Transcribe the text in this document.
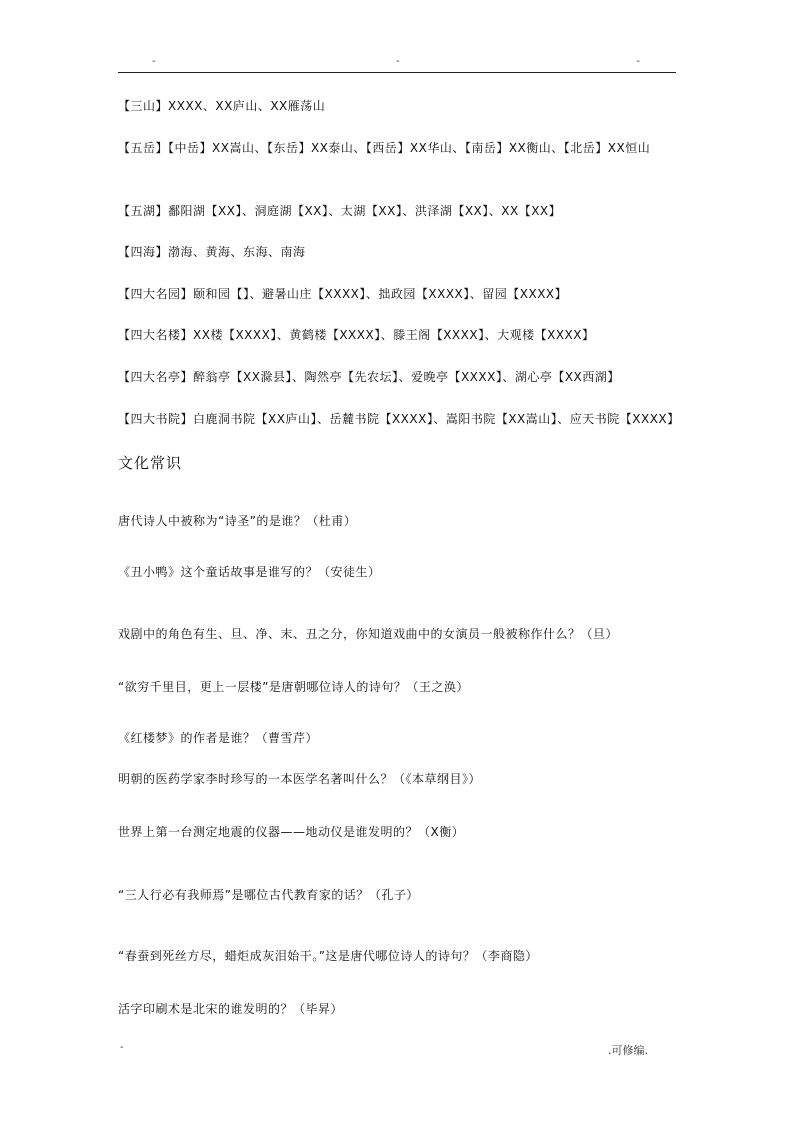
-	-	-
【三山】XXXX、XX庐山、XX雁荡山
【五岳】【中岳】XX嵩山、【东岳】XX泰山、【西岳】XX华山、【南岳】XX衡山、【北岳】XX恒山
【五湖】鄱阳湖【XX】、洞庭湖【XX】、太湖【XX】、洪泽湖【XX】、XX【XX】
【四海】渤海、黄海、东海、南海
【四大名园】颐和园【】、避暑山庄【XXXX】、拙政园【XXXX】、留园【XXXX】
【四大名楼】XX楼【XXXX】、黄鹤楼【XXXX】、滕王阁【XXXX】、大观楼【XXXX】
【四大名亭】醉翁亭【XX滁县】、陶然亭【先农坛】、爱晚亭【XXXX】、湖心亭【XX西湖】
【四大书院】白鹿洞书院【XX庐山】、岳麓书院【XXXX】、嵩阳书院【XX嵩山】、应天书院【XXXX】
文化常识
唐代诗人中被称为“诗圣”的是谁？（杜甫）
《丑小鸭》这个童话故事是谁写的？（安徒生）
戏剧中的角色有生、旦、净、末、丑之分，你知道戏曲中的女演员一般被称作什么？（旦）
“欲穷千里目，更上一层楼”是唐朝哪位诗人的诗句？（王之涣）
《红楼梦》的作者是谁？（曹雪芹）
明朝的医药学家李时珍写的一本医学名著叫什么？（《本草纲目》）
世界上第一台测定地震的仪器——地动仪是谁发明的？（X衡）
“三人行必有我师焉”是哪位古代教育家的话？（孔子）
“春蚕到死丝方尽，蜡炬成灰泪始干。”这是唐代哪位诗人的诗句？（李商隐）
活字印刷术是北宋的谁发明的？（毕昇）
-	.可修编.
